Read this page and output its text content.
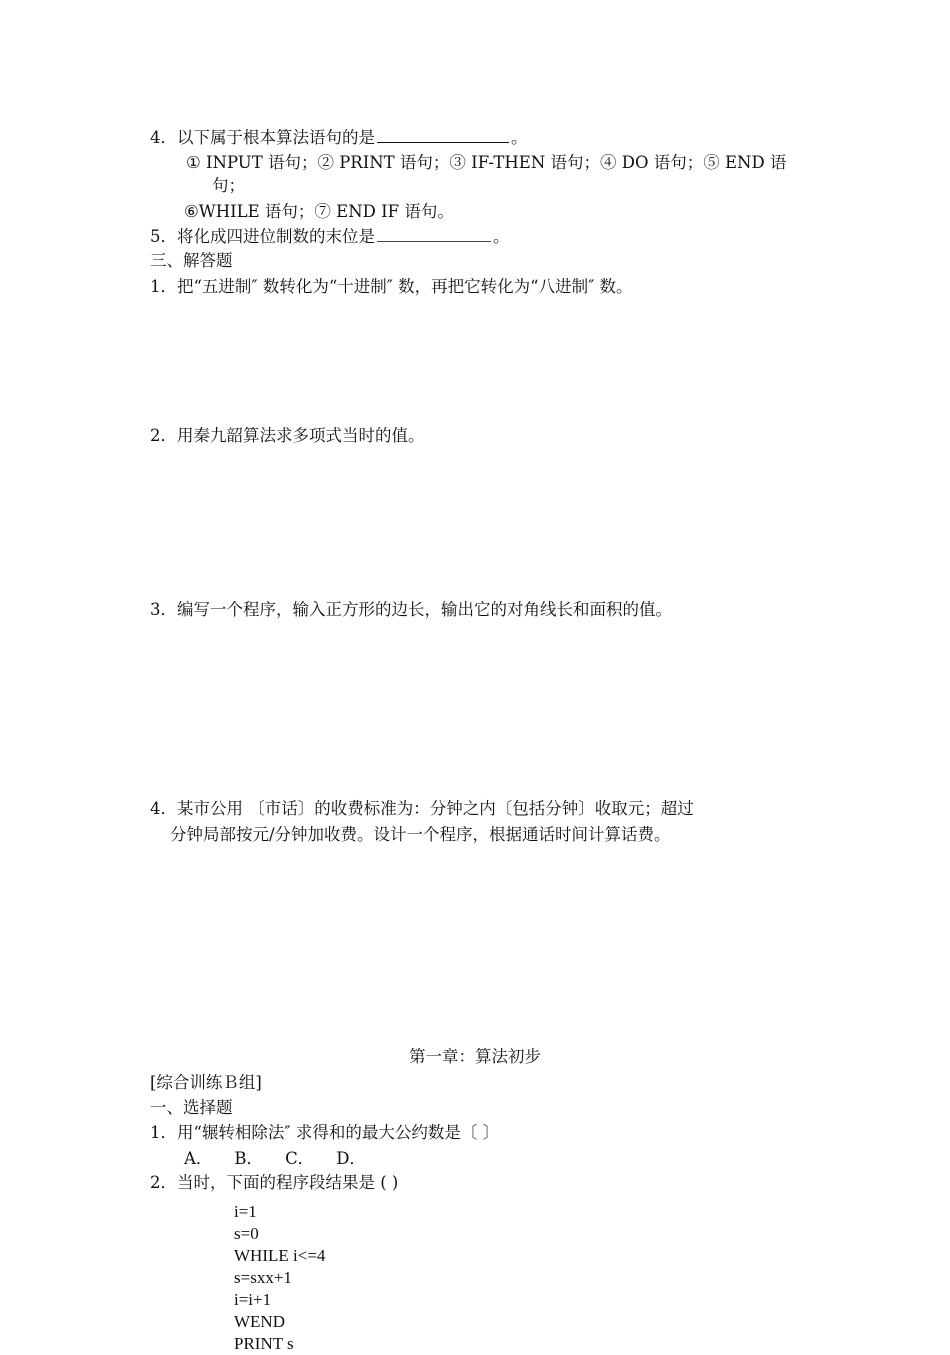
4．以下属于根本算法语句的是	。
① INPUT 语句；② PRINT 语句；③ IF-THEN 语句；④ DO 语句；⑤ END 语
句；
⑥WHILE 语句；⑦ END IF 语句。
5．将化成四进位制数的末位是	。
三、解答题
1．把“五进制″ 数转化为“十进制″ 数，再把它转化为“八进制″ 数。
2．用秦九韶算法求多项式当时的值。
3．编写一个程序，输入正方形的边长，输出它的对角线长和面积的值。
4．某市公用 〔市话〕的收费标准为：分钟之内〔包括分钟〕收取元；超过
分钟局部按元/分钟加收费。设计一个程序，根据通话时间计算话费。
第一章：算法初步
[综合训练Ｂ组]
一、选择题
1．用“辗转相除法″ 求得和的最大公约数是〔 〕
A． B． C． D．
2．当时，下面的程序段结果是 ( )
i=1
s=0
WHILE i<=4
s=sxx+1
i=i+1
WEND
PRINT s
